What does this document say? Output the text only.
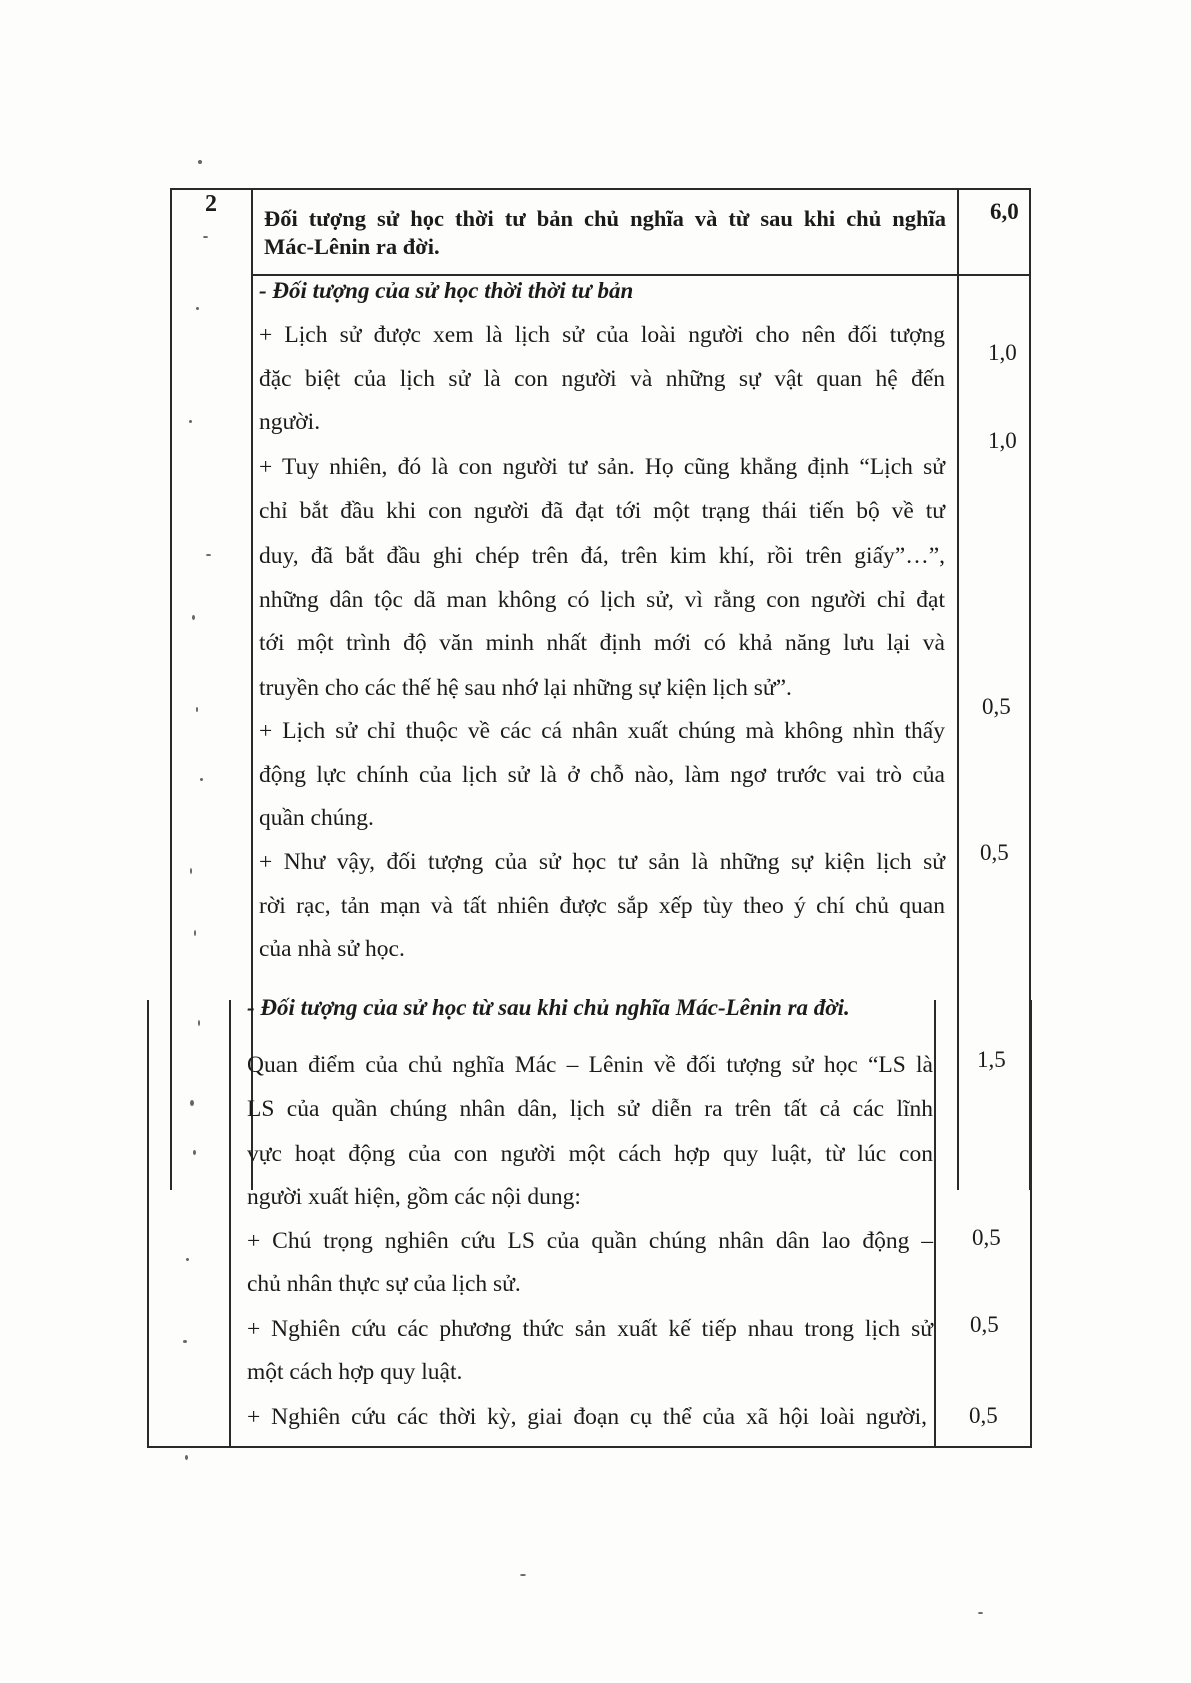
2
Đối tượng sử học thời tư bản chủ nghĩa và từ sau khi chủ nghĩa
Mác-Lênin ra đời.
6,0
- Đối tượng của sử học thời thời tư bản
+ Lịch sử được xem là lịch sử của loài người cho nên đối tượng
đặc biệt của lịch sử là con người và những sự vật quan hệ đến
người.
+ Tuy nhiên, đó là con người tư sản. Họ cũng khẳng định “Lịch sử
chỉ bắt đầu khi con người đã đạt tới một trạng thái tiến bộ về tư
duy, đã bắt đầu ghi chép trên đá, trên kim khí, rồi trên giấy”…”,
những dân tộc dã man không có lịch sử, vì rằng con người chỉ đạt
tới một trình độ văn minh nhất định mới có khả năng lưu lại và
truyền cho các thế hệ sau nhớ lại những sự kiện lịch sử”.
+ Lịch sử chỉ thuộc về các cá nhân xuất chúng mà không nhìn thấy
động lực chính của lịch sử là ở chỗ nào, làm ngơ trước vai trò của
quần chúng.
+ Như vậy, đối tượng của sử học tư sản là những sự kiện lịch sử
rời rạc, tản mạn và tất nhiên được sắp xếp tùy theo ý chí chủ quan
của nhà sử học.
1,0
1,0
0,5
0,5
- Đối tượng của sử học từ sau khi chủ nghĩa Mác-Lênin ra đời.
Quan điểm của chủ nghĩa Mác – Lênin về đối tượng sử học “LS là
LS của quần chúng nhân dân, lịch sử diễn ra trên tất cả các lĩnh
vực hoạt động của con người một cách hợp quy luật, từ lúc con
người xuất hiện, gồm các nội dung:
+ Chú trọng nghiên cứu LS của quần chúng nhân dân lao động –
chủ nhân thực sự của lịch sử.
+ Nghiên cứu các phương thức sản xuất kế tiếp nhau trong lịch sử
một cách hợp quy luật.
+ Nghiên cứu các thời kỳ, giai đoạn cụ thể của xã hội loài người,
1,5
0,5
0,5
0,5
